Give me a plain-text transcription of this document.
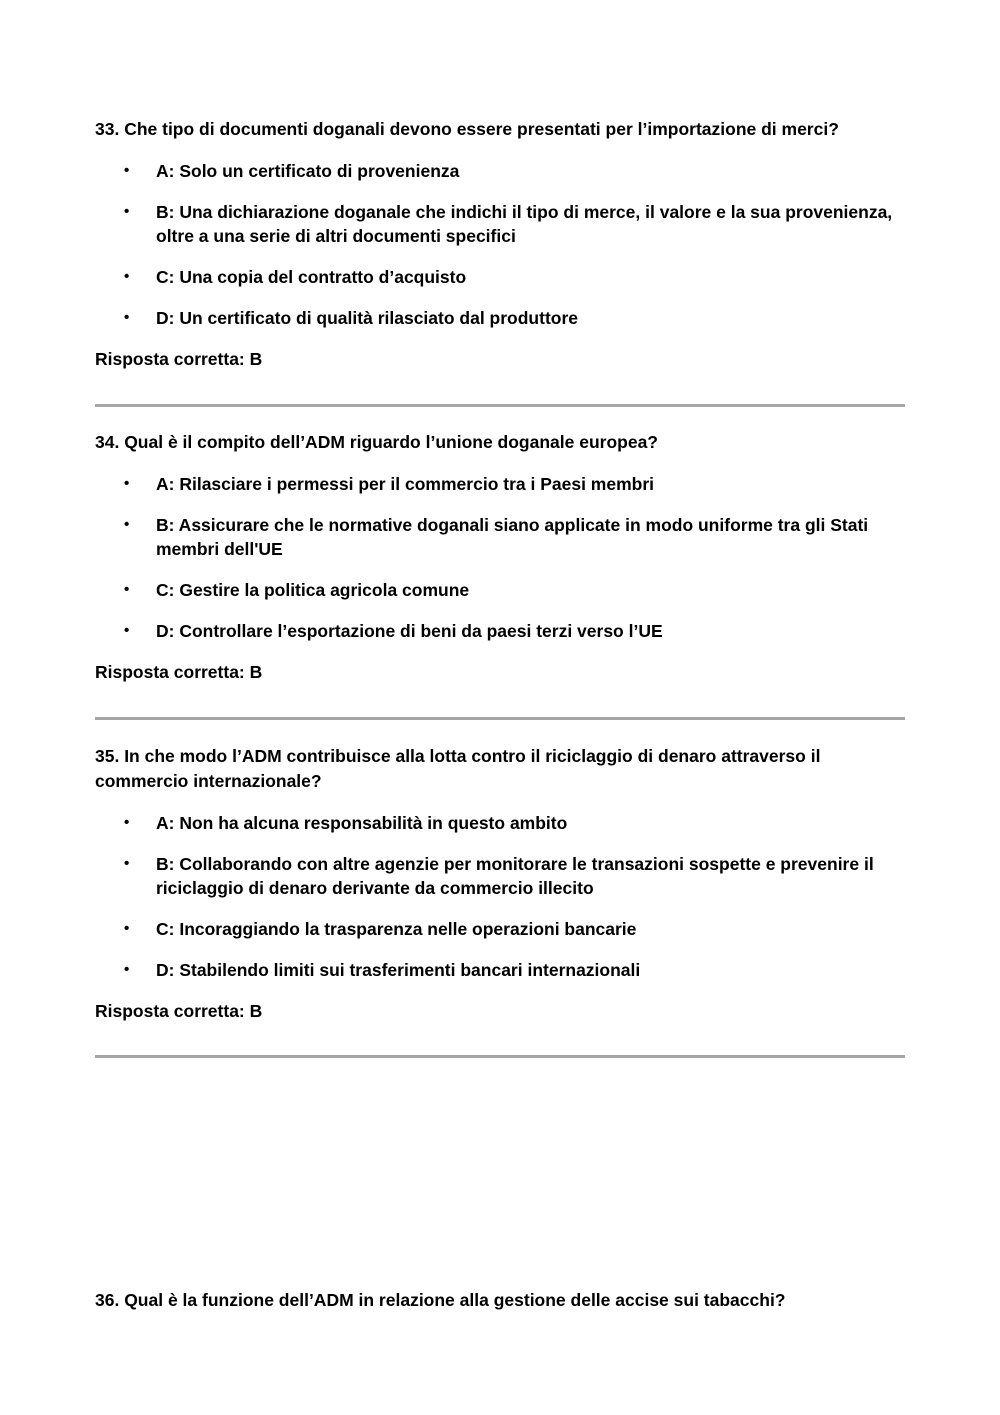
33. Che tipo di documenti doganali devono essere presentati per l’importazione di merci?

• A: Solo un certificato di provenienza
• B: Una dichiarazione doganale che indichi il tipo di merce, il valore e la sua provenienza, oltre a una serie di altri documenti specifici
• C: Una copia del contratto d’acquisto
• D: Un certificato di qualità rilasciato dal produttore
Risposta corretta: B

34. Qual è il compito dell’ADM riguardo l’unione doganale europea?

• A: Rilasciare i permessi per il commercio tra i Paesi membri
• B: Assicurare che le normative doganali siano applicate in modo uniforme tra gli Stati membri dell'UE
• C: Gestire la politica agricola comune
• D: Controllare l’esportazione di beni da paesi terzi verso l’UE
Risposta corretta: B

35. In che modo l’ADM contribuisce alla lotta contro il riciclaggio di denaro attraverso il commercio internazionale?

• A: Non ha alcuna responsabilità in questo ambito
• B: Collaborando con altre agenzie per monitorare le transazioni sospette e prevenire il riciclaggio di denaro derivante da commercio illecito
• C: Incoraggiando la trasparenza nelle operazioni bancarie
• D: Stabilendo limiti sui trasferimenti bancari internazionali
Risposta corretta: B

36. Qual è la funzione dell’ADM in relazione alla gestione delle accise sui tabacchi?
